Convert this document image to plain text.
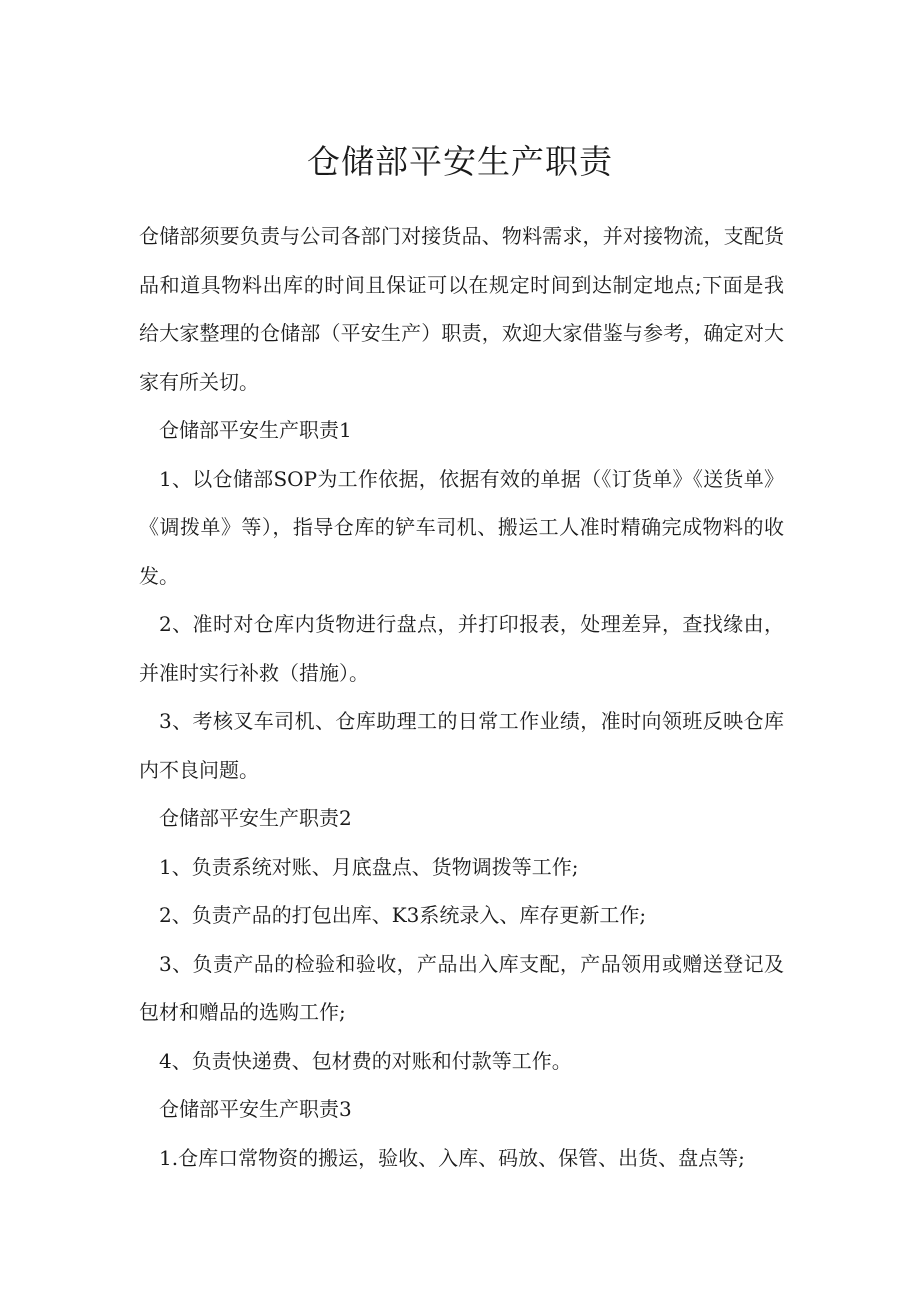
仓储部平安生产职责

仓储部须要负责与公司各部门对接货品、物料需求，并对接物流，支配货品和道具物料出库的时间且保证可以在规定时间到达制定地点;下面是我给大家整理的仓储部（平安生产）职责，欢迎大家借鉴与参考，确定对大家有所关切。

仓储部平安生产职责1

1、以仓储部SOP为工作依据，依据有效的单据（《订货单》《送货单》《调拨单》等），指导仓库的铲车司机、搬运工人准时精确完成物料的收发。

2、准时对仓库内货物进行盘点，并打印报表，处理差异，查找缘由，并准时实行补救（措施）。

3、考核叉车司机、仓库助理工的日常工作业绩，准时向领班反映仓库内不良问题。

仓储部平安生产职责2

1、负责系统对账、月底盘点、货物调拨等工作;

2、负责产品的打包出库、K3系统录入、库存更新工作;

3、负责产品的检验和验收，产品出入库支配，产品领用或赠送登记及包材和赠品的选购工作;

4、负责快递费、包材费的对账和付款等工作。

仓储部平安生产职责3

1.仓库口常物资的搬运，验收、入库、码放、保管、出货、盘点等;
